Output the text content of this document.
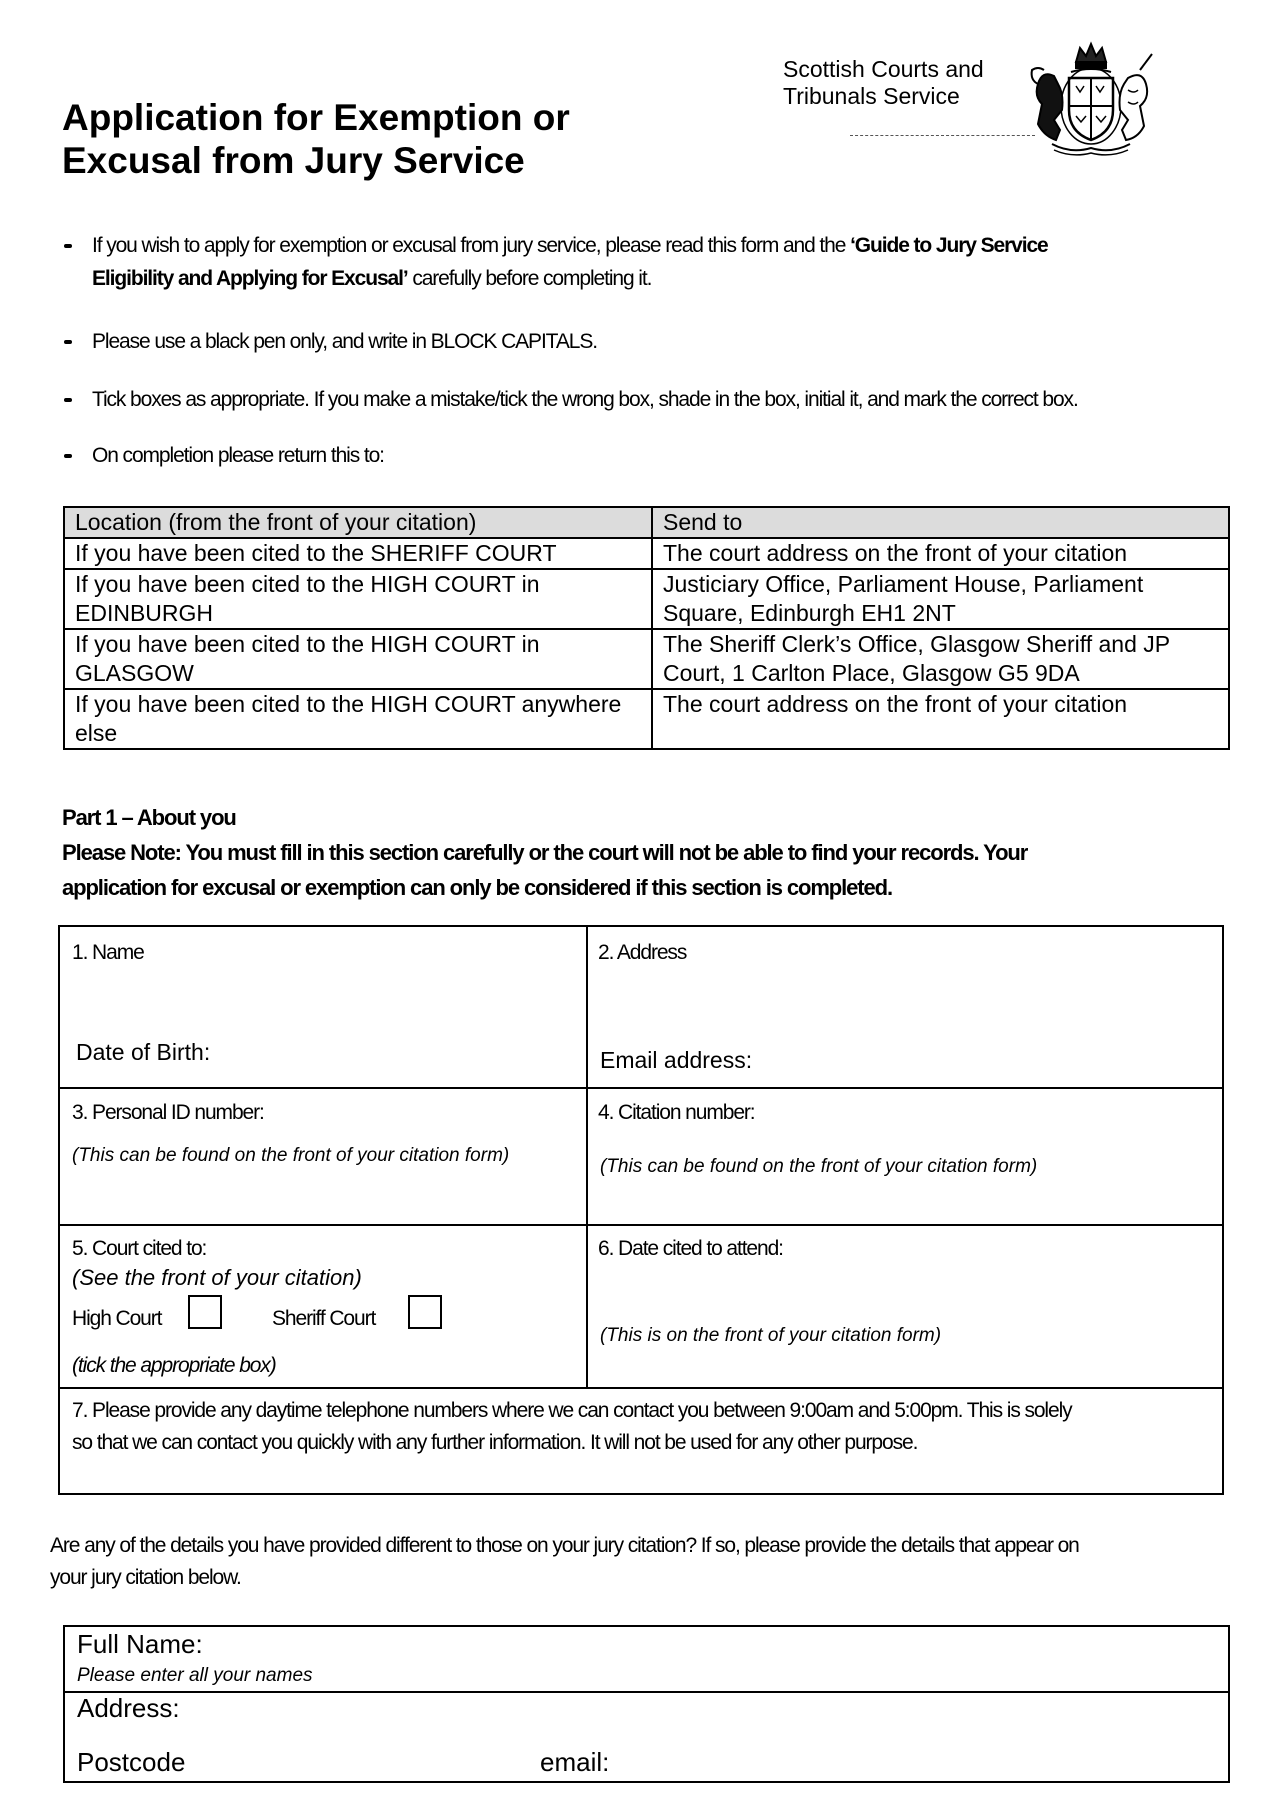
Application for Exemption or
Excusal from Jury Service
Scottish Courts and
Tribunals Service
If you wish to apply for exemption or excusal from jury service, please read this form and the ‘Guide to Jury Service
Eligibility and Applying for Excusal’ carefully before completing it.
Please use a black pen only, and write in BLOCK CAPITALS.
Tick boxes as appropriate. If you make a mistake/tick the wrong box, shade in the box, initial it, and mark the correct box.
On completion please return this to:
Location (from the front of your citation)	Send to
If you have been cited to the SHERIFF COURT	The court address on the front of your citation
If you have been cited to the HIGH COURT in EDINBURGH	Justiciary Office, Parliament House, Parliament Square, Edinburgh EH1 2NT
If you have been cited to the HIGH COURT in GLASGOW	The Sheriff Clerk’s Office, Glasgow Sheriff and JP Court, 1 Carlton Place, Glasgow G5 9DA
If you have been cited to the HIGH COURT anywhere else	The court address on the front of your citation
Part 1 – About you
Please Note: You must fill in this section carefully or the court will not be able to find your records. Your
application for excusal or exemption can only be considered if this section is completed.
1. Name
Date of Birth:
2. Address
Email address:
3. Personal ID number:
(This can be found on the front of your citation form)
4. Citation number:
(This can be found on the front of your citation form)
5. Court cited to:
(See the front of your citation)
High Court	Sheriff Court
(tick the appropriate box)
6. Date cited to attend:
(This is on the front of your citation form)
7. Please provide any daytime telephone numbers where we can contact you between 9:00am and 5:00pm. This is solely
so that we can contact you quickly with any further information. It will not be used for any other purpose.
Are any of the details you have provided different to those on your jury citation? If so, please provide the details that appear on
your jury citation below.
Full Name:
Please enter all your names
Address:
Postcode	email:
